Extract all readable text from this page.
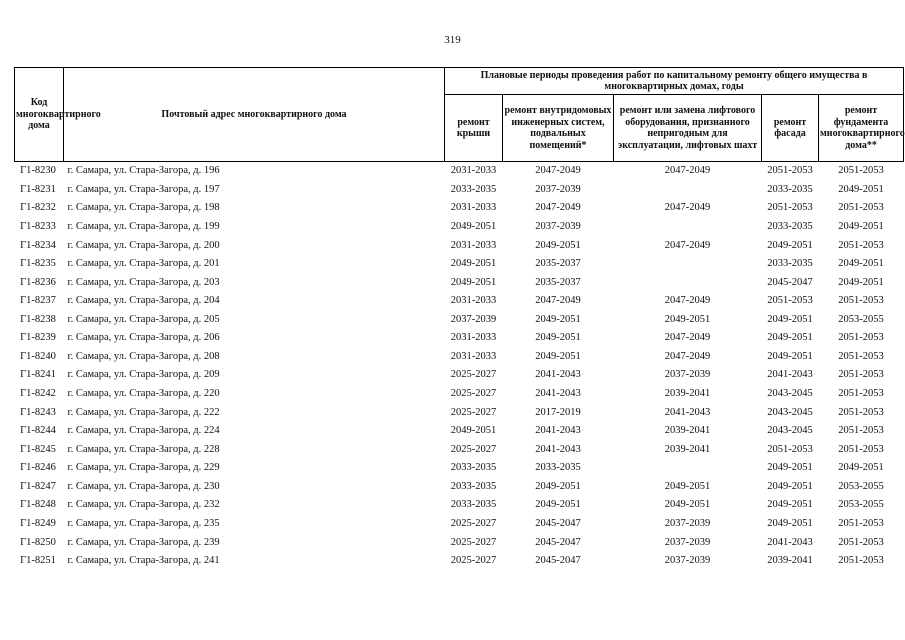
319
Код многоквартирного дома	Почтовый адрес многоквартирного дома	Плановые периоды проведения работ по капитальному ремонту общего имущества в многоквартирных домах, годы				
		ремонт крыши	ремонт внутридомовых инженерных систем, подвальных помещений*	ремонт или замена лифтового оборудования, признанного непригодным для эксплуатации, лифтовых шахт	ремонт фасада	ремонт фундамента многоквартирного дома**
Г1-8230	г. Самара, ул. Стара-Загора, д. 196	2031-2033	2047-2049	2047-2049	2051-2053	2051-2053
Г1-8231	г. Самара, ул. Стара-Загора, д. 197	2033-2035	2037-2039		2033-2035	2049-2051
Г1-8232	г. Самара, ул. Стара-Загора, д. 198	2031-2033	2047-2049	2047-2049	2051-2053	2051-2053
Г1-8233	г. Самара, ул. Стара-Загора, д. 199	2049-2051	2037-2039		2033-2035	2049-2051
Г1-8234	г. Самара, ул. Стара-Загора, д. 200	2031-2033	2049-2051	2047-2049	2049-2051	2051-2053
Г1-8235	г. Самара, ул. Стара-Загора, д. 201	2049-2051	2035-2037		2033-2035	2049-2051
Г1-8236	г. Самара, ул. Стара-Загора, д. 203	2049-2051	2035-2037		2045-2047	2049-2051
Г1-8237	г. Самара, ул. Стара-Загора, д. 204	2031-2033	2047-2049	2047-2049	2051-2053	2051-2053
Г1-8238	г. Самара, ул. Стара-Загора, д. 205	2037-2039	2049-2051	2049-2051	2049-2051	2053-2055
Г1-8239	г. Самара, ул. Стара-Загора, д. 206	2031-2033	2049-2051	2047-2049	2049-2051	2051-2053
Г1-8240	г. Самара, ул. Стара-Загора, д. 208	2031-2033	2049-2051	2047-2049	2049-2051	2051-2053
Г1-8241	г. Самара, ул. Стара-Загора, д. 209	2025-2027	2041-2043	2037-2039	2041-2043	2051-2053
Г1-8242	г. Самара, ул. Стара-Загора, д. 220	2025-2027	2041-2043	2039-2041	2043-2045	2051-2053
Г1-8243	г. Самара, ул. Стара-Загора, д. 222	2025-2027	2017-2019	2041-2043	2043-2045	2051-2053
Г1-8244	г. Самара, ул. Стара-Загора, д. 224	2049-2051	2041-2043	2039-2041	2043-2045	2051-2053
Г1-8245	г. Самара, ул. Стара-Загора, д. 228	2025-2027	2041-2043	2039-2041	2051-2053	2051-2053
Г1-8246	г. Самара, ул. Стара-Загора, д. 229	2033-2035	2033-2035		2049-2051	2049-2051
Г1-8247	г. Самара, ул. Стара-Загора, д. 230	2033-2035	2049-2051	2049-2051	2049-2051	2053-2055
Г1-8248	г. Самара, ул. Стара-Загора, д. 232	2033-2035	2049-2051	2049-2051	2049-2051	2053-2055
Г1-8249	г. Самара, ул. Стара-Загора, д. 235	2025-2027	2045-2047	2037-2039	2049-2051	2051-2053
Г1-8250	г. Самара, ул. Стара-Загора, д. 239	2025-2027	2045-2047	2037-2039	2041-2043	2051-2053
Г1-8251	г. Самара, ул. Стара-Загора, д. 241	2025-2027	2045-2047	2037-2039	2039-2041	2051-2053
